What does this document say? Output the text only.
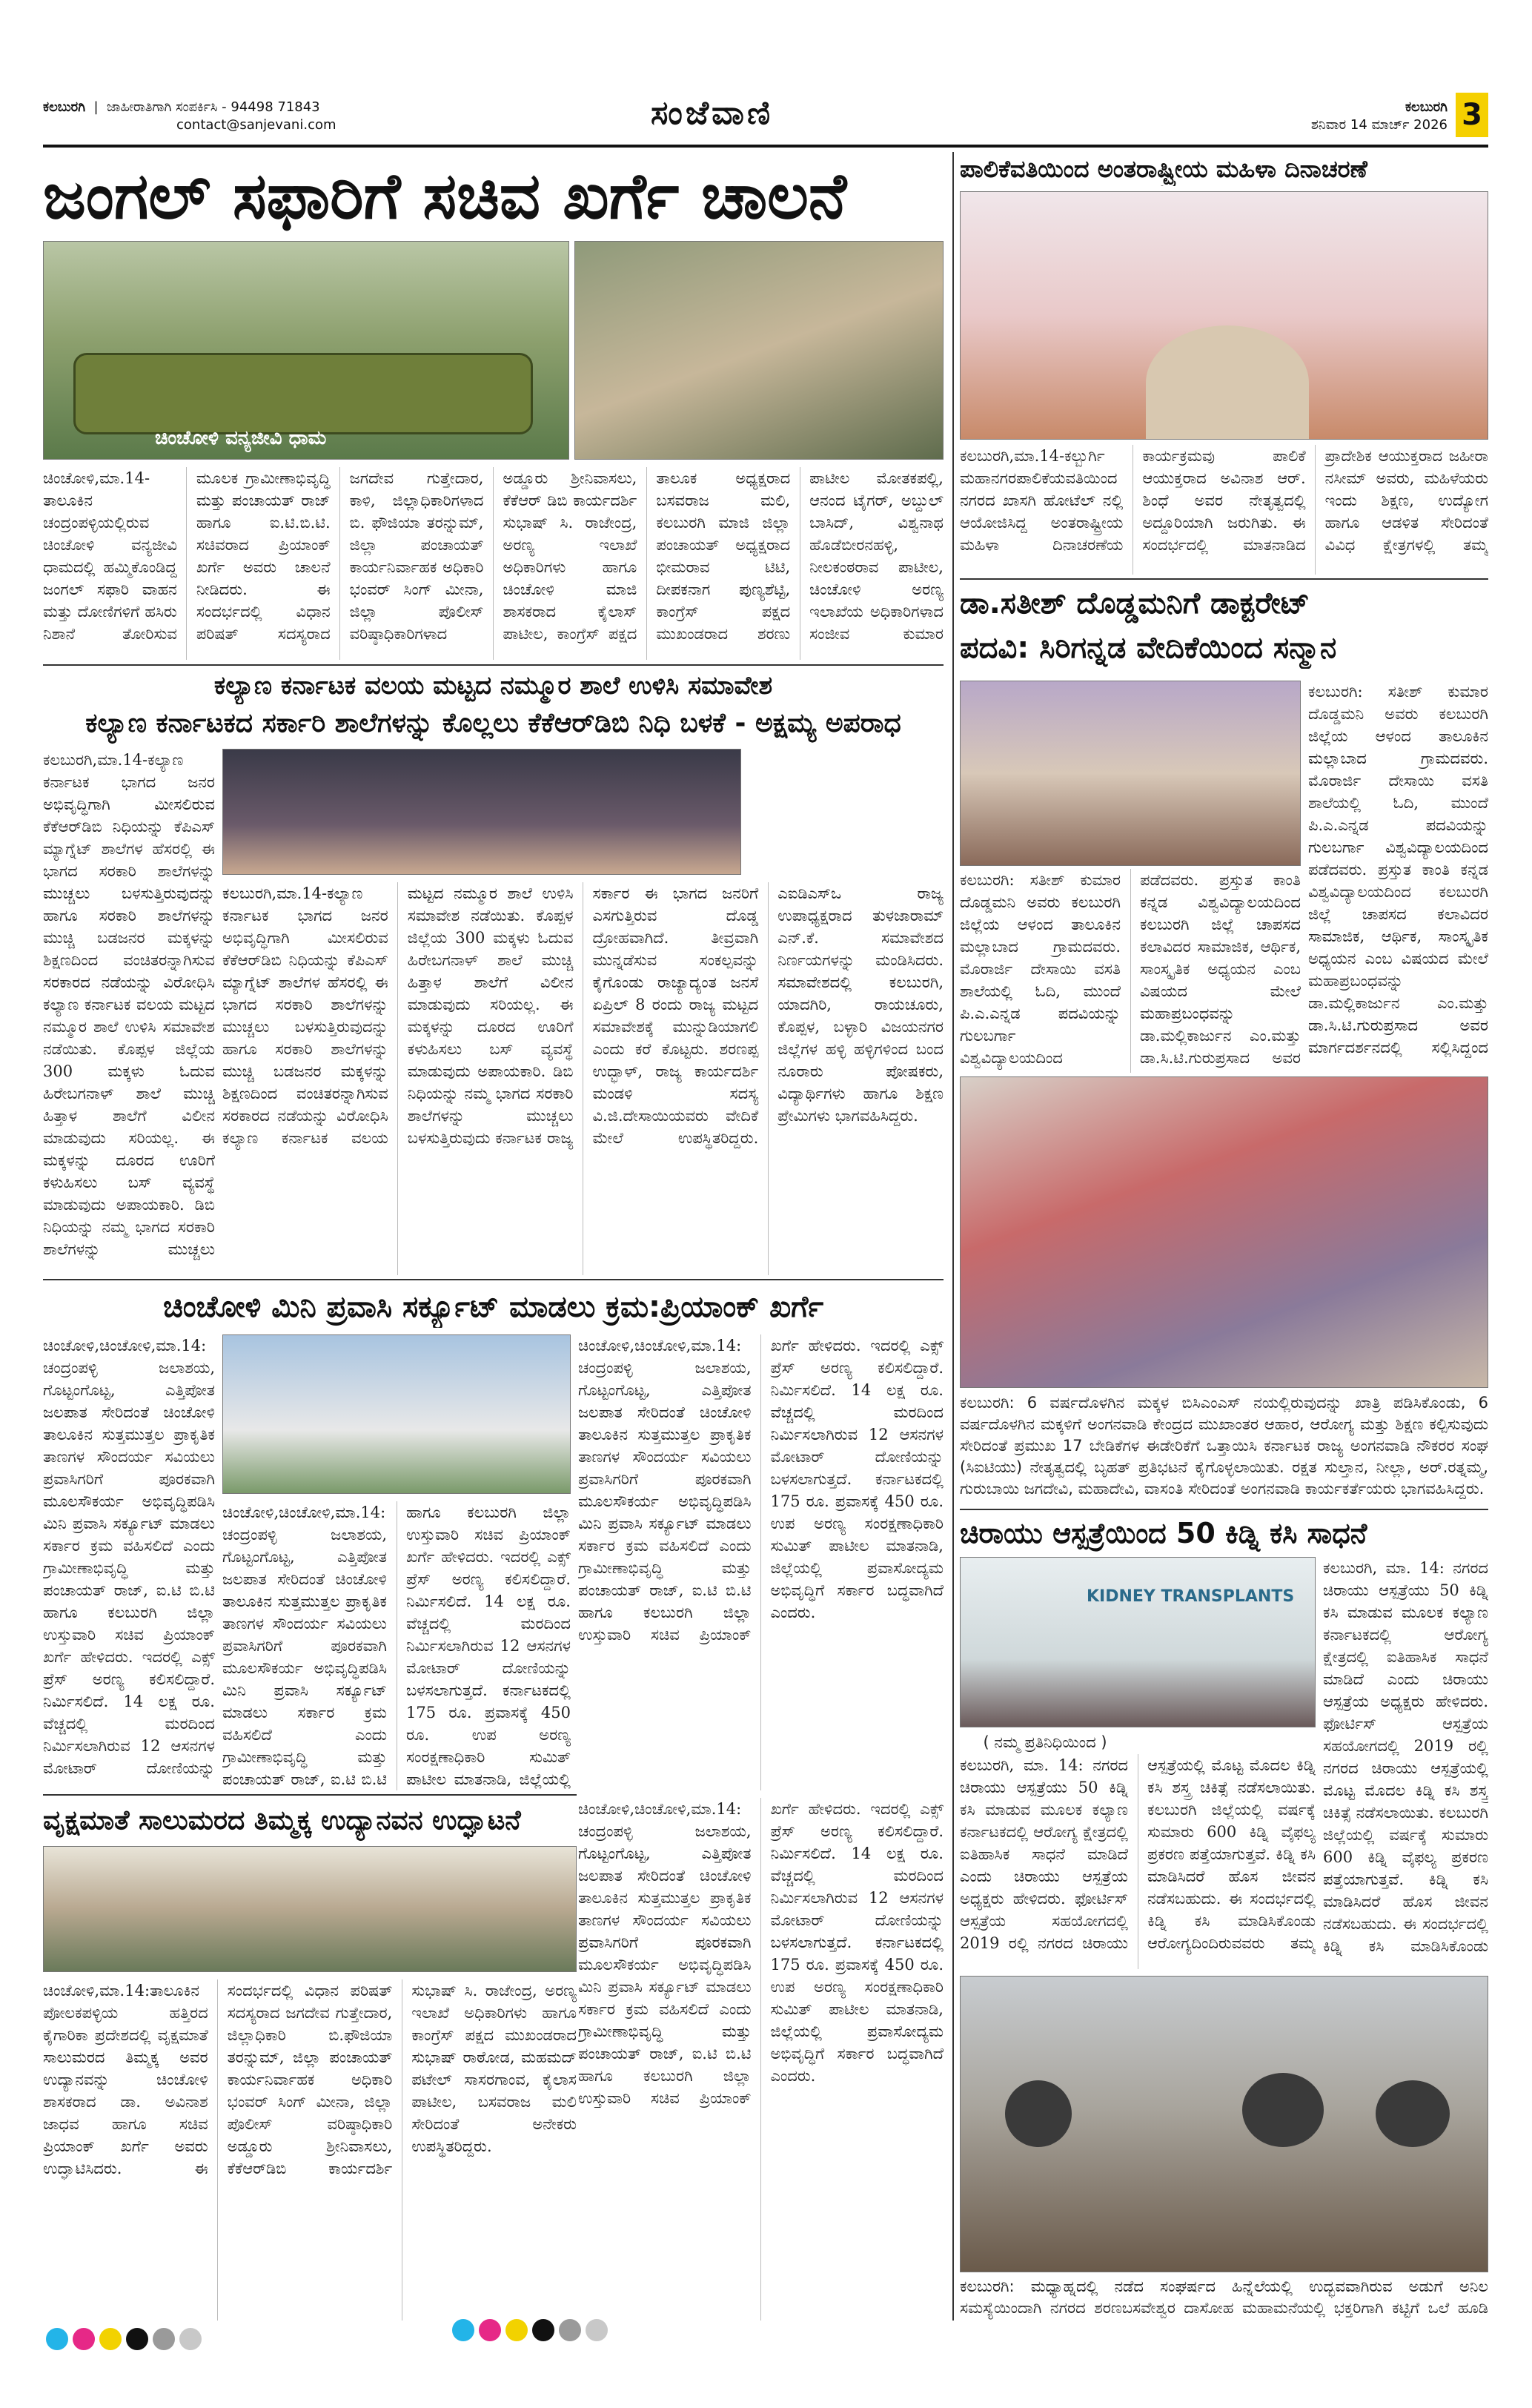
ಕಲಬುರಗಿ  |  ಜಾಹೀರಾತಿಗಾಗಿ ಸಂಪರ್ಕಿಸಿ - 94498 71843
contact@sanjevani.com	ಸಂಜೆವಾಣಿ	ಕಲಬುರಗಿ
ಶನಿವಾರ 14 ಮಾರ್ಚ್ 2026 3
ಜಂಗಲ್ ಸಫಾರಿಗೆ ಸಚಿವ ಖರ್ಗೆ ಚಾಲನೆ
ಚಿಂಚೋಳಿ ವನ್ಯಜೀವಿ ಧಾಮ
ಚಿಂಚೋಳಿ,ಮಾ.14-ತಾಲೂಕಿನ ಚಂದ್ರಂಪಳ್ಳಿಯಲ್ಲಿರುವ ಚಿಂಚೋಳಿ ವನ್ಯಜೀವಿ ಧಾಮದಲ್ಲಿ ಹಮ್ಮಿಕೊಂಡಿದ್ದ ಜಂಗಲ್ ಸಫಾರಿ ವಾಹನ ಮತ್ತು ದೋಣಿಗಳಿಗೆ ಹಸಿರು ನಿಶಾನೆ ತೋರಿಸುವ ಮೂಲಕ ಗ್ರಾಮೀಣಾಭಿವೃದ್ಧಿ ಮತ್ತು ಪಂಚಾಯತ್ ರಾಜ್ ಹಾಗೂ ಐ.ಟಿ.ಬಿ.ಟಿ. ಸಚಿವರಾದ ಪ್ರಿಯಾಂಕ್ ಖರ್ಗೆ ಅವರು ಚಾಲನೆ ನೀಡಿದರು. ಈ ಸಂದರ್ಭದಲ್ಲಿ ವಿಧಾನ ಪರಿಷತ್ ಸದಸ್ಯರಾದ ಜಗದೇವ ಗುತ್ತೇದಾರ, ಕಾಳಿ, ಜಿಲ್ಲಾಧಿಕಾರಿಗಳಾದ ಬಿ. ಫೌಜಿಯಾ ತರನ್ನುಮ್, ಜಿಲ್ಲಾ ಪಂಚಾಯತ್ ಕಾರ್ಯನಿರ್ವಾಹಕ ಅಧಿಕಾರಿ ಭಂವರ್ ಸಿಂಗ್ ಮೀನಾ, ಜಿಲ್ಲಾ ಪೊಲೀಸ್ ವರಿಷ್ಠಾಧಿಕಾರಿಗಳಾದ ಅಡ್ಡೂರು ಶ್ರೀನಿವಾಸಲು, ಕೆಕೆಆರ್ ಡಿಬಿ ಕಾರ್ಯದರ್ಶಿ ಸುಭಾಷ್ ಸಿ. ರಾಜೇಂದ್ರ, ಅರಣ್ಯ ಇಲಾಖೆ ಅಧಿಕಾರಿಗಳು ಹಾಗೂ ಚಿಂಚೋಳಿ ಮಾಜಿ ಶಾಸಕರಾದ ಕೈಲಾಸ್ ಪಾಟೀಲ, ಕಾಂಗ್ರೆಸ್ ಪಕ್ಷದ ತಾಲೂಕ ಅಧ್ಯಕ್ಷರಾದ ಬಸವರಾಜ ಮಲಿ, ಕಲಬುರಗಿ ಮಾಜಿ ಜಿಲ್ಲಾ ಪಂಚಾಯತ್ ಅಧ್ಯಕ್ಷರಾದ ಭೀಮರಾವ ಟಿಟಿ, ದೀಪಕನಾಗ ಪುಣ್ಯಶೆಟ್ಟಿ, ಕಾಂಗ್ರೆಸ್ ಪಕ್ಷದ ಮುಖಂಡರಾದ ಶರಣು ಪಾಟೀಲ ಮೋತಕಪಲ್ಲಿ, ಆನಂದ ಟೈಗರ್, ಅಬ್ದುಲ್ ಬಾಸಿದ್, ವಿಶ್ವನಾಥ ಹೊಡೆಬೀರನಹಳ್ಳಿ, ನೀಲಕಂಠರಾವ ಪಾಟೀಲ, ಚಿಂಚೋಳಿ ಅರಣ್ಯ ಇಲಾಖೆಯ ಅಧಿಕಾರಿಗಳಾದ ಸಂಜೀವ ಕುಮಾರ
ಕಲ್ಯಾಣ ಕರ್ನಾಟಕ ವಲಯ ಮಟ್ಟದ ನಮ್ಮೂರ ಶಾಲೆ ಉಳಿಸಿ ಸಮಾವೇಶ
ಕಲ್ಯಾಣ ಕರ್ನಾಟಕದ ಸರ್ಕಾರಿ ಶಾಲೆಗಳನ್ನು ಕೊಲ್ಲಲು ಕೆಕೆಆರ್‌ಡಿಬಿ ನಿಧಿ ಬಳಕೆ - ಅಕ್ಷಮ್ಯ ಅಪರಾಧ
ಕಲಬುರಗಿ,ಮಾ.14-ಕಲ್ಯಾಣ ಕರ್ನಾಟಕ ಭಾಗದ ಜನರ ಅಭಿವೃದ್ಧಿಗಾಗಿ ಮೀಸಲಿರುವ ಕೆಕೆಆರ್‌ಡಿಬಿ ನಿಧಿಯನ್ನು ಕೆಪಿಎಸ್ ಮ್ಯಾಗ್ನೆಟ್ ಶಾಲೆಗಳ ಹೆಸರಲ್ಲಿ ಈ ಭಾಗದ ಸರಕಾರಿ ಶಾಲೆಗಳನ್ನು ಮುಚ್ಚಲು ಬಳಸುತ್ತಿರುವುದನ್ನು ಹಾಗೂ ಸರಕಾರಿ ಶಾಲೆಗಳನ್ನು ಮುಚ್ಚಿ ಬಡಜನರ ಮಕ್ಕಳನ್ನು ಶಿಕ್ಷಣದಿಂದ ವಂಚಿತರನ್ನಾಗಿಸುವ ಸರಕಾರದ ನಡೆಯನ್ನು ವಿರೋಧಿಸಿ ಕಲ್ಯಾಣ ಕರ್ನಾಟಕ ವಲಯ ಮಟ್ಟದ ನಮ್ಮೂರ ಶಾಲೆ ಉಳಿಸಿ ಸಮಾವೇಶ ನಡೆಯಿತು. ಕೊಪ್ಪಳ ಜಿಲ್ಲೆಯ 300 ಮಕ್ಕಳು ಓದುವ ಹಿರೇಬಗನಾಳ್ ಶಾಲೆ ಮುಚ್ಚಿ ಹಿತ್ತಾಳ ಶಾಲೆಗೆ ವಿಲೀನ ಮಾಡುವುದು ಸರಿಯಲ್ಲ. ಈ ಮಕ್ಕಳನ್ನು ದೂರದ ಊರಿಗೆ ಕಳುಹಿಸಲು ಬಸ್ ವ್ಯವಸ್ಥೆ ಮಾಡುವುದು ಅಪಾಯಕಾರಿ. ಡಿಬಿ ನಿಧಿಯನ್ನು ನಮ್ಮ ಭಾಗದ ಸರಕಾರಿ ಶಾಲೆಗಳನ್ನು ಮುಚ್ಚಲು
ಕಲಬುರಗಿ,ಮಾ.14-ಕಲ್ಯಾಣ ಕರ್ನಾಟಕ ಭಾಗದ ಜನರ ಅಭಿವೃದ್ಧಿಗಾಗಿ ಮೀಸಲಿರುವ ಕೆಕೆಆರ್‌ಡಿಬಿ ನಿಧಿಯನ್ನು ಕೆಪಿಎಸ್ ಮ್ಯಾಗ್ನೆಟ್ ಶಾಲೆಗಳ ಹೆಸರಲ್ಲಿ ಈ ಭಾಗದ ಸರಕಾರಿ ಶಾಲೆಗಳನ್ನು ಮುಚ್ಚಲು ಬಳಸುತ್ತಿರುವುದನ್ನು ಹಾಗೂ ಸರಕಾರಿ ಶಾಲೆಗಳನ್ನು ಮುಚ್ಚಿ ಬಡಜನರ ಮಕ್ಕಳನ್ನು ಶಿಕ್ಷಣದಿಂದ ವಂಚಿತರನ್ನಾಗಿಸುವ ಸರಕಾರದ ನಡೆಯನ್ನು ವಿರೋಧಿಸಿ ಕಲ್ಯಾಣ ಕರ್ನಾಟಕ ವಲಯ ಮಟ್ಟದ ನಮ್ಮೂರ ಶಾಲೆ ಉಳಿಸಿ ಸಮಾವೇಶ ನಡೆಯಿತು. ಕೊಪ್ಪಳ ಜಿಲ್ಲೆಯ 300 ಮಕ್ಕಳು ಓದುವ ಹಿರೇಬಗನಾಳ್ ಶಾಲೆ ಮುಚ್ಚಿ ಹಿತ್ತಾಳ ಶಾಲೆಗೆ ವಿಲೀನ ಮಾಡುವುದು ಸರಿಯಲ್ಲ. ಈ ಮಕ್ಕಳನ್ನು ದೂರದ ಊರಿಗೆ ಕಳುಹಿಸಲು ಬಸ್ ವ್ಯವಸ್ಥೆ ಮಾಡುವುದು ಅಪಾಯಕಾರಿ. ಡಿಬಿ ನಿಧಿಯನ್ನು ನಮ್ಮ ಭಾಗದ ಸರಕಾರಿ ಶಾಲೆಗಳನ್ನು ಮುಚ್ಚಲು ಬಳಸುತ್ತಿರುವುದು ಕರ್ನಾಟಕ ರಾಜ್ಯ ಸರ್ಕಾರ ಈ ಭಾಗದ ಜನರಿಗೆ ಎಸಗುತ್ತಿರುವ ದೊಡ್ಡ ದ್ರೋಹವಾಗಿದೆ. ತೀವ್ರವಾಗಿ ಮುನ್ನಡೆಸುವ ಸಂಕಲ್ಪವನ್ನು ಕೈಗೊಂಡು ರಾಜ್ಯಾದ್ಯಂತ ಜನಸೆ ಏಪ್ರಿಲ್ 8 ರಂದು ರಾಜ್ಯ ಮಟ್ಟದ ಸಮಾವೇಶಕ್ಕೆ ಮುನ್ನುಡಿಯಾಗಲಿ ಎಂದು ಕರೆ ಕೊಟ್ಟರು. ಶರಣಪ್ಪ ಉದ್ಭಾಳ್, ರಾಜ್ಯ ಕಾರ್ಯದರ್ಶಿ ಮಂಡಳಿ ಸದಸ್ಯ ವಿ.ಜಿ.ದೇಸಾಯಿಯವರು ವೇದಿಕೆ ಮೇಲೆ ಉಪಸ್ಥಿತರಿದ್ದರು. ಎಐಡಿಎಸ್‌ಒ ರಾಜ್ಯ ಉಪಾಧ್ಯಕ್ಷರಾದ ತುಳಜಾರಾಮ್ ಎನ್.ಕೆ. ಸಮಾವೇಶದ ನಿರ್ಣಯಗಳನ್ನು ಮಂಡಿಸಿದರು. ಸಮಾವೇಶದಲ್ಲಿ ಕಲಬುರಗಿ, ಯಾದಗಿರಿ, ರಾಯಚೂರು, ಕೊಪ್ಪಳ, ಬಳ್ಳಾರಿ ವಿಜಯನಗರ ಜಿಲ್ಲೆಗಳ ಹಳ್ಳಿ ಹಳ್ಳಿಗಳಿಂದ ಬಂದ ನೂರಾರು ಪೋಷಕರು, ವಿದ್ಯಾರ್ಥಿಗಳು ಹಾಗೂ ಶಿಕ್ಷಣ ಪ್ರೇಮಿಗಳು ಭಾಗವಹಿಸಿದ್ದರು.
ಚಿಂಚೋಳಿ ಮಿನಿ ಪ್ರವಾಸಿ ಸರ್ಕ್ಯೂಟ್ ಮಾಡಲು ಕ್ರಮ:ಪ್ರಿಯಾಂಕ್ ಖರ್ಗೆ
ಚಿಂಚೋಳಿ,ಚಿಂಚೋಳಿ,ಮಾ.14: ಚಂದ್ರಂಪಳ್ಳಿ ಜಲಾಶಯ, ಗೊಟ್ಟಂಗೊಟ್ಟ, ಎತ್ತಿಪೋತ ಜಲಪಾತ ಸೇರಿದಂತೆ ಚಿಂಚೋಳಿ ತಾಲೂಕಿನ ಸುತ್ತಮುತ್ತಲ ಪ್ರಾಕೃತಿಕ ತಾಣಗಳ ಸೌಂದರ್ಯ ಸವಿಯಲು ಪ್ರವಾಸಿಗರಿಗೆ ಪೂರಕವಾಗಿ ಮೂಲಸೌಕರ್ಯ ಅಭಿವೃದ್ಧಿಪಡಿಸಿ ಮಿನಿ ಪ್ರವಾಸಿ ಸರ್ಕ್ಯೂಟ್ ಮಾಡಲು ಸರ್ಕಾರ ಕ್ರಮ ವಹಿಸಲಿದೆ ಎಂದು ಗ್ರಾಮೀಣಾಭಿವೃದ್ಧಿ ಮತ್ತು ಪಂಚಾಯತ್ ರಾಜ್, ಐ.ಟಿ ಬಿ.ಟಿ ಹಾಗೂ ಕಲಬುರಗಿ ಜಿಲ್ಲಾ ಉಸ್ತುವಾರಿ ಸಚಿವ ಪ್ರಿಯಾಂಕ್ ಖರ್ಗೆ ಹೇಳಿದರು. ಇದರಲ್ಲಿ ಎಕ್ಸ್ ಪ್ರೆಸ್ ಅರಣ್ಯ ಕಲಿಸಲಿದ್ದಾರೆ. ನಿರ್ಮಿಸಲಿದೆ. 14 ಲಕ್ಷ ರೂ. ವೆಚ್ಚದಲ್ಲಿ ಮರದಿಂದ ನಿರ್ಮಿಸಲಾಗಿರುವ 12 ಆಸನಗಳ ಮೋಟಾರ್ ದೋಣಿಯನ್ನು
ಚಿಂಚೋಳಿ,ಚಿಂಚೋಳಿ,ಮಾ.14: ಚಂದ್ರಂಪಳ್ಳಿ ಜಲಾಶಯ, ಗೊಟ್ಟಂಗೊಟ್ಟ, ಎತ್ತಿಪೋತ ಜಲಪಾತ ಸೇರಿದಂತೆ ಚಿಂಚೋಳಿ ತಾಲೂಕಿನ ಸುತ್ತಮುತ್ತಲ ಪ್ರಾಕೃತಿಕ ತಾಣಗಳ ಸೌಂದರ್ಯ ಸವಿಯಲು ಪ್ರವಾಸಿಗರಿಗೆ ಪೂರಕವಾಗಿ ಮೂಲಸೌಕರ್ಯ ಅಭಿವೃದ್ಧಿಪಡಿಸಿ ಮಿನಿ ಪ್ರವಾಸಿ ಸರ್ಕ್ಯೂಟ್ ಮಾಡಲು ಸರ್ಕಾರ ಕ್ರಮ ವಹಿಸಲಿದೆ ಎಂದು ಗ್ರಾಮೀಣಾಭಿವೃದ್ಧಿ ಮತ್ತು ಪಂಚಾಯತ್ ರಾಜ್, ಐ.ಟಿ ಬಿ.ಟಿ ಹಾಗೂ ಕಲಬುರಗಿ ಜಿಲ್ಲಾ ಉಸ್ತುವಾರಿ ಸಚಿವ ಪ್ರಿಯಾಂಕ್ ಖರ್ಗೆ ಹೇಳಿದರು. ಇದರಲ್ಲಿ ಎಕ್ಸ್ ಪ್ರೆಸ್ ಅರಣ್ಯ ಕಲಿಸಲಿದ್ದಾರೆ. ನಿರ್ಮಿಸಲಿದೆ. 14 ಲಕ್ಷ ರೂ. ವೆಚ್ಚದಲ್ಲಿ ಮರದಿಂದ ನಿರ್ಮಿಸಲಾಗಿರುವ 12 ಆಸನಗಳ ಮೋಟಾರ್ ದೋಣಿಯನ್ನು ಬಳಸಲಾಗುತ್ತದೆ. ಕರ್ನಾಟಕದಲ್ಲಿ 175 ರೂ. ಪ್ರವಾಸಕ್ಕೆ 450 ರೂ. ಉಪ ಅರಣ್ಯ ಸಂರಕ್ಷಣಾಧಿಕಾರಿ ಸುಮಿತ್ ಪಾಟೀಲ ಮಾತನಾಡಿ, ಜಿಲ್ಲೆಯಲ್ಲಿ
ಚಿಂಚೋಳಿ,ಚಿಂಚೋಳಿ,ಮಾ.14: ಚಂದ್ರಂಪಳ್ಳಿ ಜಲಾಶಯ, ಗೊಟ್ಟಂಗೊಟ್ಟ, ಎತ್ತಿಪೋತ ಜಲಪಾತ ಸೇರಿದಂತೆ ಚಿಂಚೋಳಿ ತಾಲೂಕಿನ ಸುತ್ತಮುತ್ತಲ ಪ್ರಾಕೃತಿಕ ತಾಣಗಳ ಸೌಂದರ್ಯ ಸವಿಯಲು ಪ್ರವಾಸಿಗರಿಗೆ ಪೂರಕವಾಗಿ ಮೂಲಸೌಕರ್ಯ ಅಭಿವೃದ್ಧಿಪಡಿಸಿ ಮಿನಿ ಪ್ರವಾಸಿ ಸರ್ಕ್ಯೂಟ್ ಮಾಡಲು ಸರ್ಕಾರ ಕ್ರಮ ವಹಿಸಲಿದೆ ಎಂದು ಗ್ರಾಮೀಣಾಭಿವೃದ್ಧಿ ಮತ್ತು ಪಂಚಾಯತ್ ರಾಜ್, ಐ.ಟಿ ಬಿ.ಟಿ ಹಾಗೂ ಕಲಬುರಗಿ ಜಿಲ್ಲಾ ಉಸ್ತುವಾರಿ ಸಚಿವ ಪ್ರಿಯಾಂಕ್ ಖರ್ಗೆ ಹೇಳಿದರು. ಇದರಲ್ಲಿ ಎಕ್ಸ್ ಪ್ರೆಸ್ ಅರಣ್ಯ ಕಲಿಸಲಿದ್ದಾರೆ. ನಿರ್ಮಿಸಲಿದೆ. 14 ಲಕ್ಷ ರೂ. ವೆಚ್ಚದಲ್ಲಿ ಮರದಿಂದ ನಿರ್ಮಿಸಲಾಗಿರುವ 12 ಆಸನಗಳ ಮೋಟಾರ್ ದೋಣಿಯನ್ನು ಬಳಸಲಾಗುತ್ತದೆ. ಕರ್ನಾಟಕದಲ್ಲಿ 175 ರೂ. ಪ್ರವಾಸಕ್ಕೆ 450 ರೂ. ಉಪ ಅರಣ್ಯ ಸಂರಕ್ಷಣಾಧಿಕಾರಿ ಸುಮಿತ್ ಪಾಟೀಲ ಮಾತನಾಡಿ, ಜಿಲ್ಲೆಯಲ್ಲಿ ಪ್ರವಾಸೋದ್ಯಮ ಅಭಿವೃದ್ಧಿಗೆ ಸರ್ಕಾರ ಬದ್ಧವಾಗಿದೆ ಎಂದರು.
ವೃಕ್ಷಮಾತೆ ಸಾಲುಮರದ ತಿಮ್ಮಕ್ಕ ಉದ್ಯಾನವನ ಉದ್ಘಾಟನೆ
ಚಿಂಚೋಳಿ,ಮಾ.14:ತಾಲೂಕಿನ ಪೋಲಕಪಳ್ಳಿಯ ಹತ್ತಿರದ ಕೈಗಾರಿಕಾ ಪ್ರದೇಶದಲ್ಲಿ ವೃಕ್ಷಮಾತೆ ಸಾಲುಮರದ ತಿಮ್ಮಕ್ಕ ಅವರ ಉದ್ಯಾನವನ್ನು ಚಿಂಚೋಳಿ ಶಾಸಕರಾದ ಡಾ. ಅವಿನಾಶ ಜಾಧವ ಹಾಗೂ ಸಚಿವ ಪ್ರಿಯಾಂಕ್ ಖರ್ಗೆ ಅವರು ಉದ್ಘಾಟಿಸಿದರು. ಈ ಸಂದರ್ಭದಲ್ಲಿ ವಿಧಾನ ಪರಿಷತ್ ಸದಸ್ಯರಾದ ಜಗದೇವ ಗುತ್ತೇದಾರ, ಜಿಲ್ಲಾಧಿಕಾರಿ ಬಿ.ಫೌಜಿಯಾ ತರನ್ನುಮ್, ಜಿಲ್ಲಾ ಪಂಚಾಯತ್ ಕಾರ್ಯನಿರ್ವಾಹಕ ಅಧಿಕಾರಿ ಭಂವರ್ ಸಿಂಗ್ ಮೀನಾ, ಜಿಲ್ಲಾ ಪೊಲೀಸ್ ವರಿಷ್ಠಾಧಿಕಾರಿ ಅಡ್ಡೂರು ಶ್ರೀನಿವಾಸಲು, ಕೆಕೆಆರ್‌ಡಿಬಿ ಕಾರ್ಯದರ್ಶಿ ಸುಭಾಷ್ ಸಿ. ರಾಜೇಂದ್ರ, ಅರಣ್ಯ ಇಲಾಖೆ ಅಧಿಕಾರಿಗಳು ಹಾಗೂ ಕಾಂಗ್ರೆಸ್ ಪಕ್ಷದ ಮುಖಂಡರಾದ ಸುಭಾಷ್ ರಾಠೋಡ, ಮಹಮದ್ ಪಟೇಲ್ ಸಾಸರಗಾಂವ, ಕೈಲಾಸ ಪಾಟೀಲ, ಬಸವರಾಜ ಮಲಿ ಸೇರಿದಂತೆ ಅನೇಕರು ಉಪಸ್ಥಿತರಿದ್ದರು.
ಚಿಂಚೋಳಿ,ಚಿಂಚೋಳಿ,ಮಾ.14: ಚಂದ್ರಂಪಳ್ಳಿ ಜಲಾಶಯ, ಗೊಟ್ಟಂಗೊಟ್ಟ, ಎತ್ತಿಪೋತ ಜಲಪಾತ ಸೇರಿದಂತೆ ಚಿಂಚೋಳಿ ತಾಲೂಕಿನ ಸುತ್ತಮುತ್ತಲ ಪ್ರಾಕೃತಿಕ ತಾಣಗಳ ಸೌಂದರ್ಯ ಸವಿಯಲು ಪ್ರವಾಸಿಗರಿಗೆ ಪೂರಕವಾಗಿ ಮೂಲಸೌಕರ್ಯ ಅಭಿವೃದ್ಧಿಪಡಿಸಿ ಮಿನಿ ಪ್ರವಾಸಿ ಸರ್ಕ್ಯೂಟ್ ಮಾಡಲು ಸರ್ಕಾರ ಕ್ರಮ ವಹಿಸಲಿದೆ ಎಂದು ಗ್ರಾಮೀಣಾಭಿವೃದ್ಧಿ ಮತ್ತು ಪಂಚಾಯತ್ ರಾಜ್, ಐ.ಟಿ ಬಿ.ಟಿ ಹಾಗೂ ಕಲಬುರಗಿ ಜಿಲ್ಲಾ ಉಸ್ತುವಾರಿ ಸಚಿವ ಪ್ರಿಯಾಂಕ್ ಖರ್ಗೆ ಹೇಳಿದರು. ಇದರಲ್ಲಿ ಎಕ್ಸ್ ಪ್ರೆಸ್ ಅರಣ್ಯ ಕಲಿಸಲಿದ್ದಾರೆ. ನಿರ್ಮಿಸಲಿದೆ. 14 ಲಕ್ಷ ರೂ. ವೆಚ್ಚದಲ್ಲಿ ಮರದಿಂದ ನಿರ್ಮಿಸಲಾಗಿರುವ 12 ಆಸನಗಳ ಮೋಟಾರ್ ದೋಣಿಯನ್ನು ಬಳಸಲಾಗುತ್ತದೆ. ಕರ್ನಾಟಕದಲ್ಲಿ 175 ರೂ. ಪ್ರವಾಸಕ್ಕೆ 450 ರೂ. ಉಪ ಅರಣ್ಯ ಸಂರಕ್ಷಣಾಧಿಕಾರಿ ಸುಮಿತ್ ಪಾಟೀಲ ಮಾತನಾಡಿ, ಜಿಲ್ಲೆಯಲ್ಲಿ ಪ್ರವಾಸೋದ್ಯಮ ಅಭಿವೃದ್ಧಿಗೆ ಸರ್ಕಾರ ಬದ್ಧವಾಗಿದೆ ಎಂದರು.
ಪಾಲಿಕೆವತಿಯಿಂದ ಅಂತರಾಷ್ಟ್ರೀಯ ಮಹಿಳಾ ದಿನಾಚರಣೆ
ಕಲಬುರಗಿ,ಮಾ.14-ಕಲ್ಬುರ್ಗಿ ಮಹಾನಗರಪಾಲಿಕೆಯವತಿಯಿಂದ ನಗರದ ಖಾಸಗಿ ಹೋಟೆಲ್ ನಲ್ಲಿ ಆಯೋಜಿಸಿದ್ದ ಅಂತರಾಷ್ಟ್ರೀಯ ಮಹಿಳಾ ದಿನಾಚರಣೆಯ ಕಾರ್ಯಕ್ರಮವು ಪಾಲಿಕೆ ಆಯುಕ್ತರಾದ ಅವಿನಾಶ ಆರ್. ಶಿಂಧೆ ಅವರ ನೇತೃತ್ವದಲ್ಲಿ ಅದ್ದೂರಿಯಾಗಿ ಜರುಗಿತು. ಈ ಸಂದರ್ಭದಲ್ಲಿ ಮಾತನಾಡಿದ ಪ್ರಾದೇಶಿಕ ಆಯುಕ್ತರಾದ ಜಹೀರಾ ನಸೀಮ್ ಅವರು, ಮಹಿಳೆಯರು ಇಂದು ಶಿಕ್ಷಣ, ಉದ್ಯೋಗ ಹಾಗೂ ಆಡಳಿತ ಸೇರಿದಂತೆ ವಿವಿಧ ಕ್ಷೇತ್ರಗಳಲ್ಲಿ ತಮ್ಮ
ಡಾ.ಸತೀಶ್ ದೊಡ್ಡಮನಿಗೆ ಡಾಕ್ಟರೇಟ್
ಪದವಿ: ಸಿರಿಗನ್ನಡ ವೇದಿಕೆಯಿಂದ ಸನ್ಮಾನ
ಕಲಬುರಗಿ: ಸತೀಶ್ ಕುಮಾರ ದೊಡ್ಡಮನಿ ಅವರು ಕಲಬುರಗಿ ಜಿಲ್ಲೆಯ ಆಳಂದ ತಾಲೂಕಿನ ಮಲ್ಲಾಬಾದ ಗ್ರಾಮದವರು. ಮೊರಾರ್ಜಿ ದೇಸಾಯಿ ವಸತಿ ಶಾಲೆಯಲ್ಲಿ ಓದಿ, ಮುಂದೆ ಪಿ.ಎ.ಎನ್ನಡ ಪದವಿಯನ್ನು ಗುಲಬರ್ಗಾ ವಿಶ್ವವಿದ್ಯಾಲಯದಿಂದ ಪಡೆದವರು. ಪ್ರಸ್ತುತ ಕಾಂತಿ ಕನ್ನಡ ವಿಶ್ವವಿದ್ಯಾಲಯದಿಂದ ಕಲಬುರಗಿ ಜಿಲ್ಲೆ ಚಾಪಸದ ಕಲಾವಿದರ ಸಾಮಾಜಿಕ, ಆರ್ಥಿಕ, ಸಾಂಸ್ಕೃತಿಕ ಅಧ್ಯಯನ ಎಂಬ ವಿಷಯದ ಮೇಲೆ ಮಹಾಪ್ರಬಂಧವನ್ನು ಡಾ.ಮಲ್ಲಿಕಾರ್ಜುನ ಎಂ.ಮತ್ತು ಡಾ.ಸಿ.ಟಿ.ಗುರುಪ್ರಸಾದ ಅವರ
ಕಲಬುರಗಿ: ಸತೀಶ್ ಕುಮಾರ ದೊಡ್ಡಮನಿ ಅವರು ಕಲಬುರಗಿ ಜಿಲ್ಲೆಯ ಆಳಂದ ತಾಲೂಕಿನ ಮಲ್ಲಾಬಾದ ಗ್ರಾಮದವರು. ಮೊರಾರ್ಜಿ ದೇಸಾಯಿ ವಸತಿ ಶಾಲೆಯಲ್ಲಿ ಓದಿ, ಮುಂದೆ ಪಿ.ಎ.ಎನ್ನಡ ಪದವಿಯನ್ನು ಗುಲಬರ್ಗಾ ವಿಶ್ವವಿದ್ಯಾಲಯದಿಂದ ಪಡೆದವರು. ಪ್ರಸ್ತುತ ಕಾಂತಿ ಕನ್ನಡ ವಿಶ್ವವಿದ್ಯಾಲಯದಿಂದ ಕಲಬುರಗಿ ಜಿಲ್ಲೆ ಚಾಪಸದ ಕಲಾವಿದರ ಸಾಮಾಜಿಕ, ಆರ್ಥಿಕ, ಸಾಂಸ್ಕೃತಿಕ ಅಧ್ಯಯನ ಎಂಬ ವಿಷಯದ ಮೇಲೆ ಮಹಾಪ್ರಬಂಧವನ್ನು ಡಾ.ಮಲ್ಲಿಕಾರ್ಜುನ ಎಂ.ಮತ್ತು ಡಾ.ಸಿ.ಟಿ.ಗುರುಪ್ರಸಾದ ಅವರ ಮಾರ್ಗದರ್ಶನದಲ್ಲಿ ಸಲ್ಲಿಸಿದ್ದಂದ
ಕಲಬುರಗಿ: 6 ವರ್ಷದೊಳಗಿನ ಮಕ್ಕಳ ಬಿಸಿಎಂಎಸ್ ನಯಲ್ಲಿರುವುದನ್ನು ಖಾತ್ರಿ ಪಡಿಸಿಕೊಂಡು, 6 ವರ್ಷದೊಳಗಿನ ಮಕ್ಕಳಿಗೆ ಅಂಗನವಾಡಿ ಕೇಂದ್ರದ ಮುಖಾಂತರ ಆಹಾರ, ಆರೋಗ್ಯ ಮತ್ತು ಶಿಕ್ಷಣ ಕಲ್ಪಿಸುವುದು ಸೇರಿದಂತೆ ಪ್ರಮುಖ 17 ಬೇಡಿಕೆಗಳ ಈಡೇರಿಕೆಗೆ ಒತ್ತಾಯಿಸಿ ಕರ್ನಾಟಕ ರಾಜ್ಯ ಅಂಗನವಾಡಿ ನೌಕರರ ಸಂಘ (ಸಿಐಟಿಯು) ನೇತೃತ್ವದಲ್ಲಿ ಬೃಹತ್ ಪ್ರತಿಭಟನೆ ಕೈಗೊಳ್ಳಲಾಯಿತು. ರಕ್ಷತ ಸುಲ್ತಾನ, ನೀಲ್ಲಾ, ಅರ್.ರತ್ನಮ್ಮ, ಗುರುಬಾಯಿ ಜಗದೇವಿ, ಮಹಾದೇವಿ, ವಾಸಂತಿ ಸೇರಿದಂತೆ ಅಂಗನವಾಡಿ ಕಾರ್ಯಕರ್ತೆಯರು ಭಾಗವಹಿಸಿದ್ದರು.
ಚಿರಾಯು ಆಸ್ಪತ್ರೆಯಿಂದ 50 ಕಿಡ್ನಿ ಕಸಿ ಸಾಧನೆ
KIDNEY TRANSPLANTS
( ನಮ್ಮ ಪ್ರತಿನಿಧಿಯಿಂದ )
ಕಲಬುರಗಿ, ಮಾ. 14: ನಗರದ ಚಿರಾಯು ಆಸ್ಪತ್ರೆಯು 50 ಕಿಡ್ನಿ ಕಸಿ ಮಾಡುವ ಮೂಲಕ ಕಲ್ಯಾಣ ಕರ್ನಾಟಕದಲ್ಲಿ ಆರೋಗ್ಯ ಕ್ಷೇತ್ರದಲ್ಲಿ ಐತಿಹಾಸಿಕ ಸಾಧನೆ ಮಾಡಿದೆ ಎಂದು ಚಿರಾಯು ಆಸ್ಪತ್ರೆಯ ಅಧ್ಯಕ್ಷರು ಹೇಳಿದರು. ಫೋರ್ಟಿಸ್ ಆಸ್ಪತ್ರೆಯ ಸಹಯೋಗದಲ್ಲಿ 2019 ರಲ್ಲಿ ನಗರದ ಚಿರಾಯು ಆಸ್ಪತ್ರೆಯಲ್ಲಿ ಮೊಟ್ಟ ಮೊದಲ ಕಿಡ್ನಿ ಕಸಿ ಶಸ್ತ್ರ ಚಿಕಿತ್ಸೆ ನಡೆಸಲಾಯಿತು. ಕಲಬುರಗಿ ಜಿಲ್ಲೆಯಲ್ಲಿ ವರ್ಷಕ್ಕೆ ಸುಮಾರು 600 ಕಿಡ್ನಿ ವೈಫಲ್ಯ ಪ್ರಕರಣ ಪತ್ತೆಯಾಗುತ್ತವೆ. ಕಿಡ್ನಿ ಕಸಿ ಮಾಡಿಸಿದರೆ ಹೊಸ ಜೀವನ ನಡೆಸಬಹುದು. ಈ ಸಂದರ್ಭದಲ್ಲಿ ಕಿಡ್ನಿ ಕಸಿ ಮಾಡಿಸಿಕೊಂಡು ಆರೋಗ್ಯದಿಂದಿರುವವರು ತಮ್ಮ
ಕಲಬುರಗಿ, ಮಾ. 14: ನಗರದ ಚಿರಾಯು ಆಸ್ಪತ್ರೆಯು 50 ಕಿಡ್ನಿ ಕಸಿ ಮಾಡುವ ಮೂಲಕ ಕಲ್ಯಾಣ ಕರ್ನಾಟಕದಲ್ಲಿ ಆರೋಗ್ಯ ಕ್ಷೇತ್ರದಲ್ಲಿ ಐತಿಹಾಸಿಕ ಸಾಧನೆ ಮಾಡಿದೆ ಎಂದು ಚಿರಾಯು ಆಸ್ಪತ್ರೆಯ ಅಧ್ಯಕ್ಷರು ಹೇಳಿದರು. ಫೋರ್ಟಿಸ್ ಆಸ್ಪತ್ರೆಯ ಸಹಯೋಗದಲ್ಲಿ 2019 ರಲ್ಲಿ ನಗರದ ಚಿರಾಯು ಆಸ್ಪತ್ರೆಯಲ್ಲಿ ಮೊಟ್ಟ ಮೊದಲ ಕಿಡ್ನಿ ಕಸಿ ಶಸ್ತ್ರ ಚಿಕಿತ್ಸೆ ನಡೆಸಲಾಯಿತು. ಕಲಬುರಗಿ ಜಿಲ್ಲೆಯಲ್ಲಿ ವರ್ಷಕ್ಕೆ ಸುಮಾರು 600 ಕಿಡ್ನಿ ವೈಫಲ್ಯ ಪ್ರಕರಣ ಪತ್ತೆಯಾಗುತ್ತವೆ. ಕಿಡ್ನಿ ಕಸಿ ಮಾಡಿಸಿದರೆ ಹೊಸ ಜೀವನ ನಡೆಸಬಹುದು. ಈ ಸಂದರ್ಭದಲ್ಲಿ ಕಿಡ್ನಿ ಕಸಿ ಮಾಡಿಸಿಕೊಂಡು
ಕಲಬುರಗಿ: ಮಧ್ಯಾಹ್ನದಲ್ಲಿ ನಡೆದ ಸಂಘರ್ಷದ ಹಿನ್ನೆಲೆಯಲ್ಲಿ ಉದ್ಭವವಾಗಿರುವ ಅಡುಗೆ ಅನಿಲ ಸಮಸ್ಯೆಯಿಂದಾಗಿ ನಗರದ ಶರಣಬಸವೇಶ್ವರ ದಾಸೋಹ ಮಹಾಮನೆಯಲ್ಲಿ ಭಕ್ತರಿಗಾಗಿ ಕಟ್ಟಿಗೆ ಒಲೆ ಹೂಡಿ
